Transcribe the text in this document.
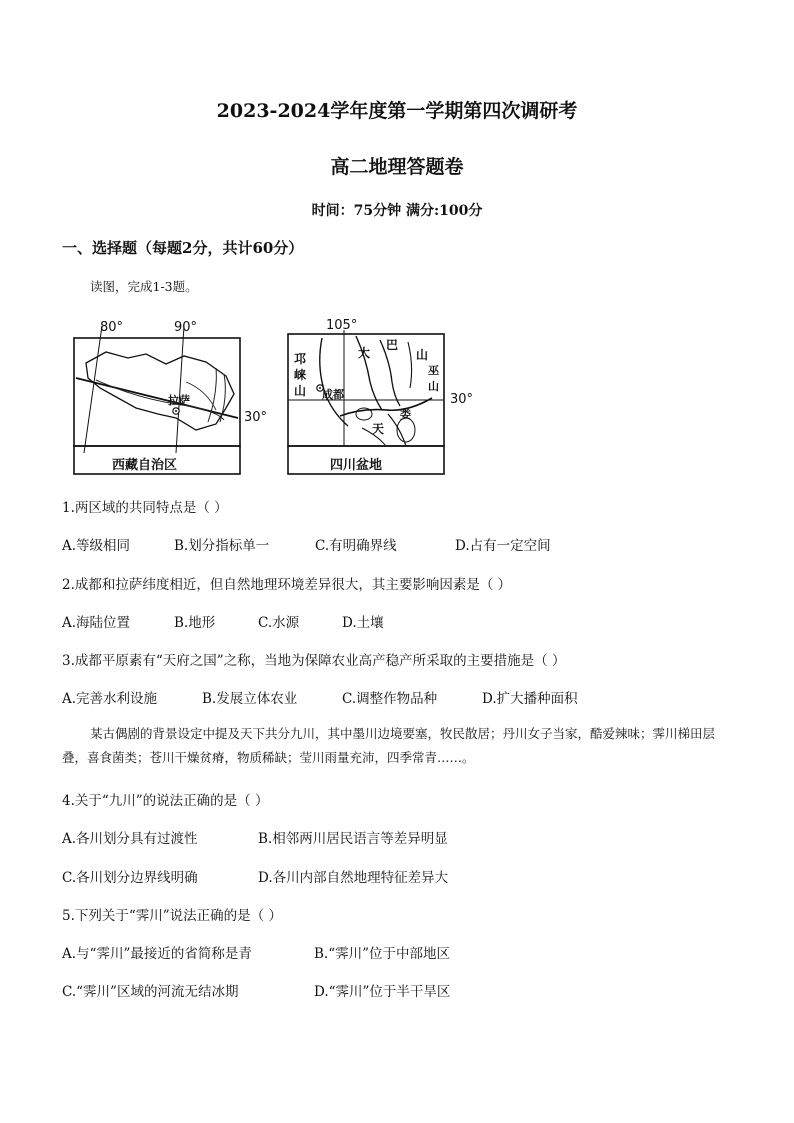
2023-2024学年度第一学期第四次调研考
高二地理答题卷
时间：75分钟 满分:100分
一、选择题（每题2分，共计60分）
读图，完成1-3题。
80°	90°
30°
拉萨
西藏自治区
105°
30°
成都
邛
崃
山
大
巴
山
巫
山
娄
天
四川盆地
1.两区域的共同特点是（ ）
A.等级相同	B.划分指标单一	C.有明确界线	D.占有一定空间
2.成都和拉萨纬度相近，但自然地理环境差异很大，其主要影响因素是（ ）
A.海陆位置	B.地形	C.水源	D.土壤
3.成都平原素有“天府之国”之称，当地为保障农业高产稳产所采取的主要措施是（ ）
A.完善水利设施	B.发展立体农业	C.调整作物品种	D.扩大播种面积
某古偶剧的背景设定中提及天下共分九川，其中墨川边境要塞，牧民散居；丹川女子当家，酷爱辣味；霁川梯田层叠，喜食菌类；苍川干燥贫瘠，物质稀缺；莹川雨量充沛，四季常青……。
4.关于“九川”的说法正确的是（ ）
A.各川划分具有过渡性	B.相邻两川居民语言等差异明显
C.各川划分边界线明确	D.各川内部自然地理特征差异大
5.下列关于“霁川”说法正确的是（ ）
A.与“霁川”最接近的省简称是青	B.“霁川”位于中部地区
C.“霁川”区域的河流无结冰期	D.“霁川”位于半干旱区
